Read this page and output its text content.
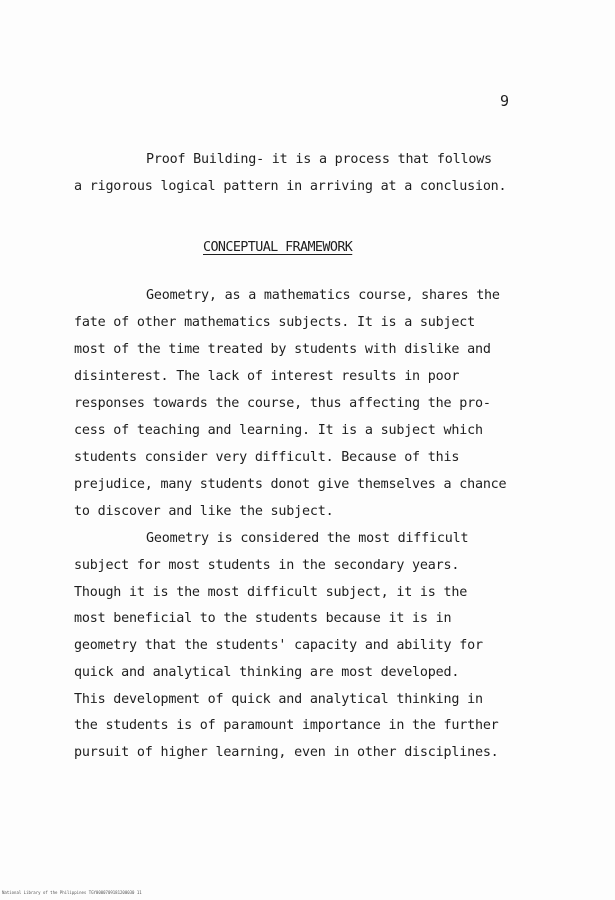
9
Proof Building- it is a process that follows
a rigorous logical pattern in arriving at a conclusion.
CONCEPTUAL FRAMEWORK
Geometry, as a mathematics course, shares the
fate of other mathematics subjects. It is a subject
most of the time treated by students with dislike and
disinterest. The lack of interest results in poor
responses towards the course, thus affecting the pro-
cess of teaching and learning. It is a subject which
students consider very difficult. Because of this
prejudice, many students donot give themselves a chance
to discover and like the subject.
Geometry is considered the most difficult
subject for most students in the secondary years.
Though it is the most difficult subject, it is the
most beneficial to the students because it is in
geometry that the students' capacity and ability for
quick and analytical thinking are most developed.
This development of quick and analytical thinking in
the students is of paramount importance in the further
pursuit of higher learning, even in other disciplines.
National Library of the Philippines TGY0000709181200030 11
